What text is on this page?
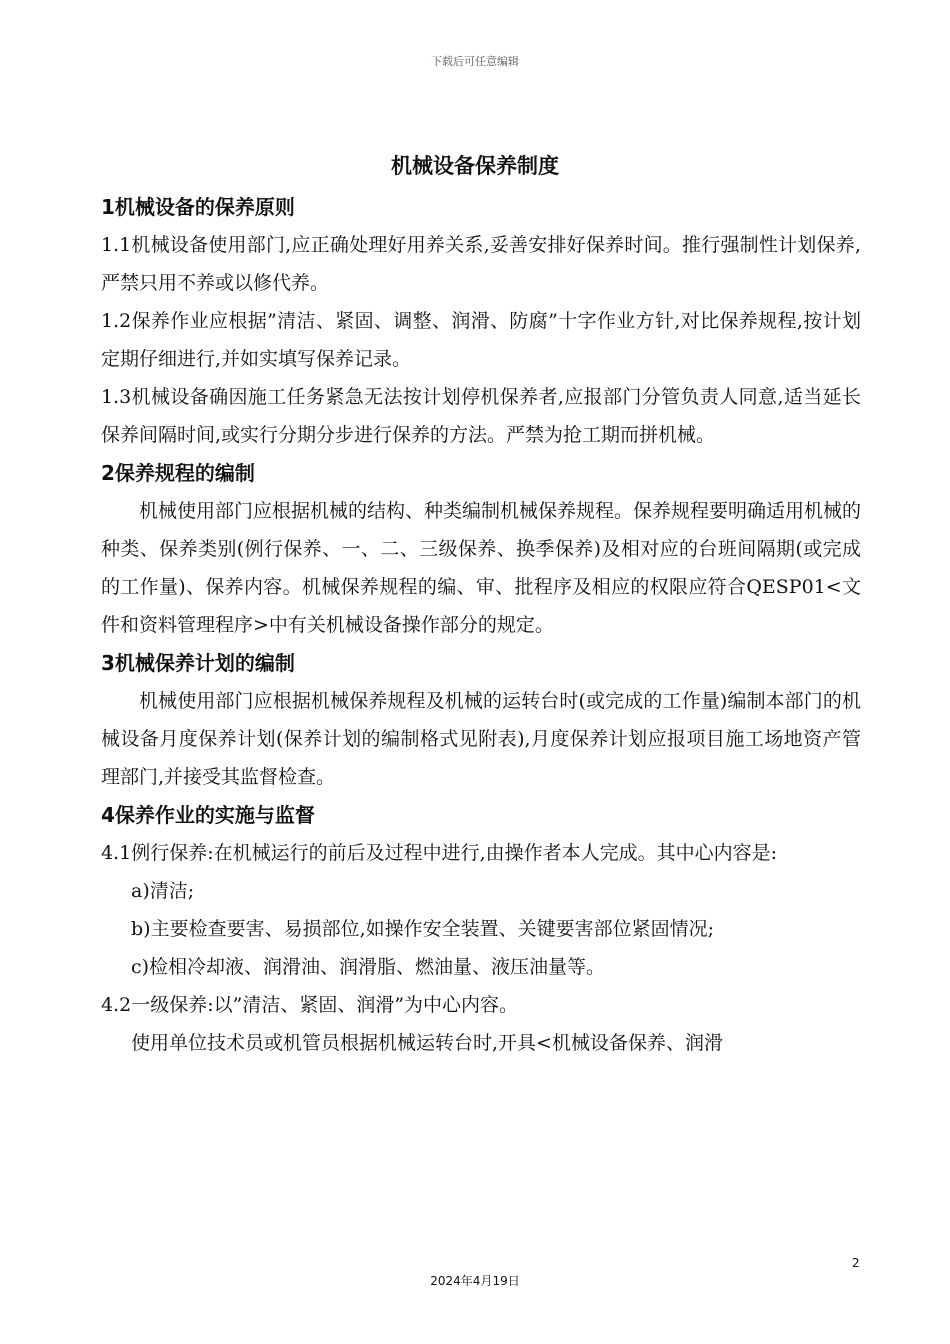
下载后可任意编辑
机械设备保养制度

1机械设备的保养原则

1.1机械设备使用部门,应正确处理好用养关系,妥善安排好保养时间。推行强制性计划保养,严禁只用不养或以修代养。

1.2保养作业应根据”清洁、紧固、调整、润滑、防腐”十字作业方针,对比保养规程,按计划定期仔细进行,并如实填写保养记录。

1.3机械设备确因施工任务紧急无法按计划停机保养者,应报部门分管负责人同意,适当延长保养间隔时间,或实行分期分步进行保养的方法。严禁为抢工期而拼机械。

2保养规程的编制

机械使用部门应根据机械的结构、种类编制机械保养规程。保养规程要明确适用机械的种类、保养类别(例行保养、一、二、三级保养、换季保养)及相对应的台班间隔期(或完成的工作量)、保养内容。机械保养规程的编、审、批程序及相应的权限应符合QESP01<文件和资料管理程序>中有关机械设备操作部分的规定。

3机械保养计划的编制

机械使用部门应根据机械保养规程及机械的运转台时(或完成的工作量)编制本部门的机械设备月度保养计划(保养计划的编制格式见附表),月度保养计划应报项目施工场地资产管理部门,并接受其监督检查。

4保养作业的实施与监督

4.1例行保养:在机械运行的前后及过程中进行,由操作者本人完成。其中心内容是:

a)清洁;

b)主要检查要害、易损部位,如操作安全装置、关键要害部位紧固情况;

c)检相冷却液、润滑油、润滑脂、燃油量、液压油量等。

4.2一级保养:以”清洁、紧固、润滑”为中心内容。

使用单位技术员或机管员根据机械运转台时,开具<机械设备保养、润滑

2
2024年4月19日
